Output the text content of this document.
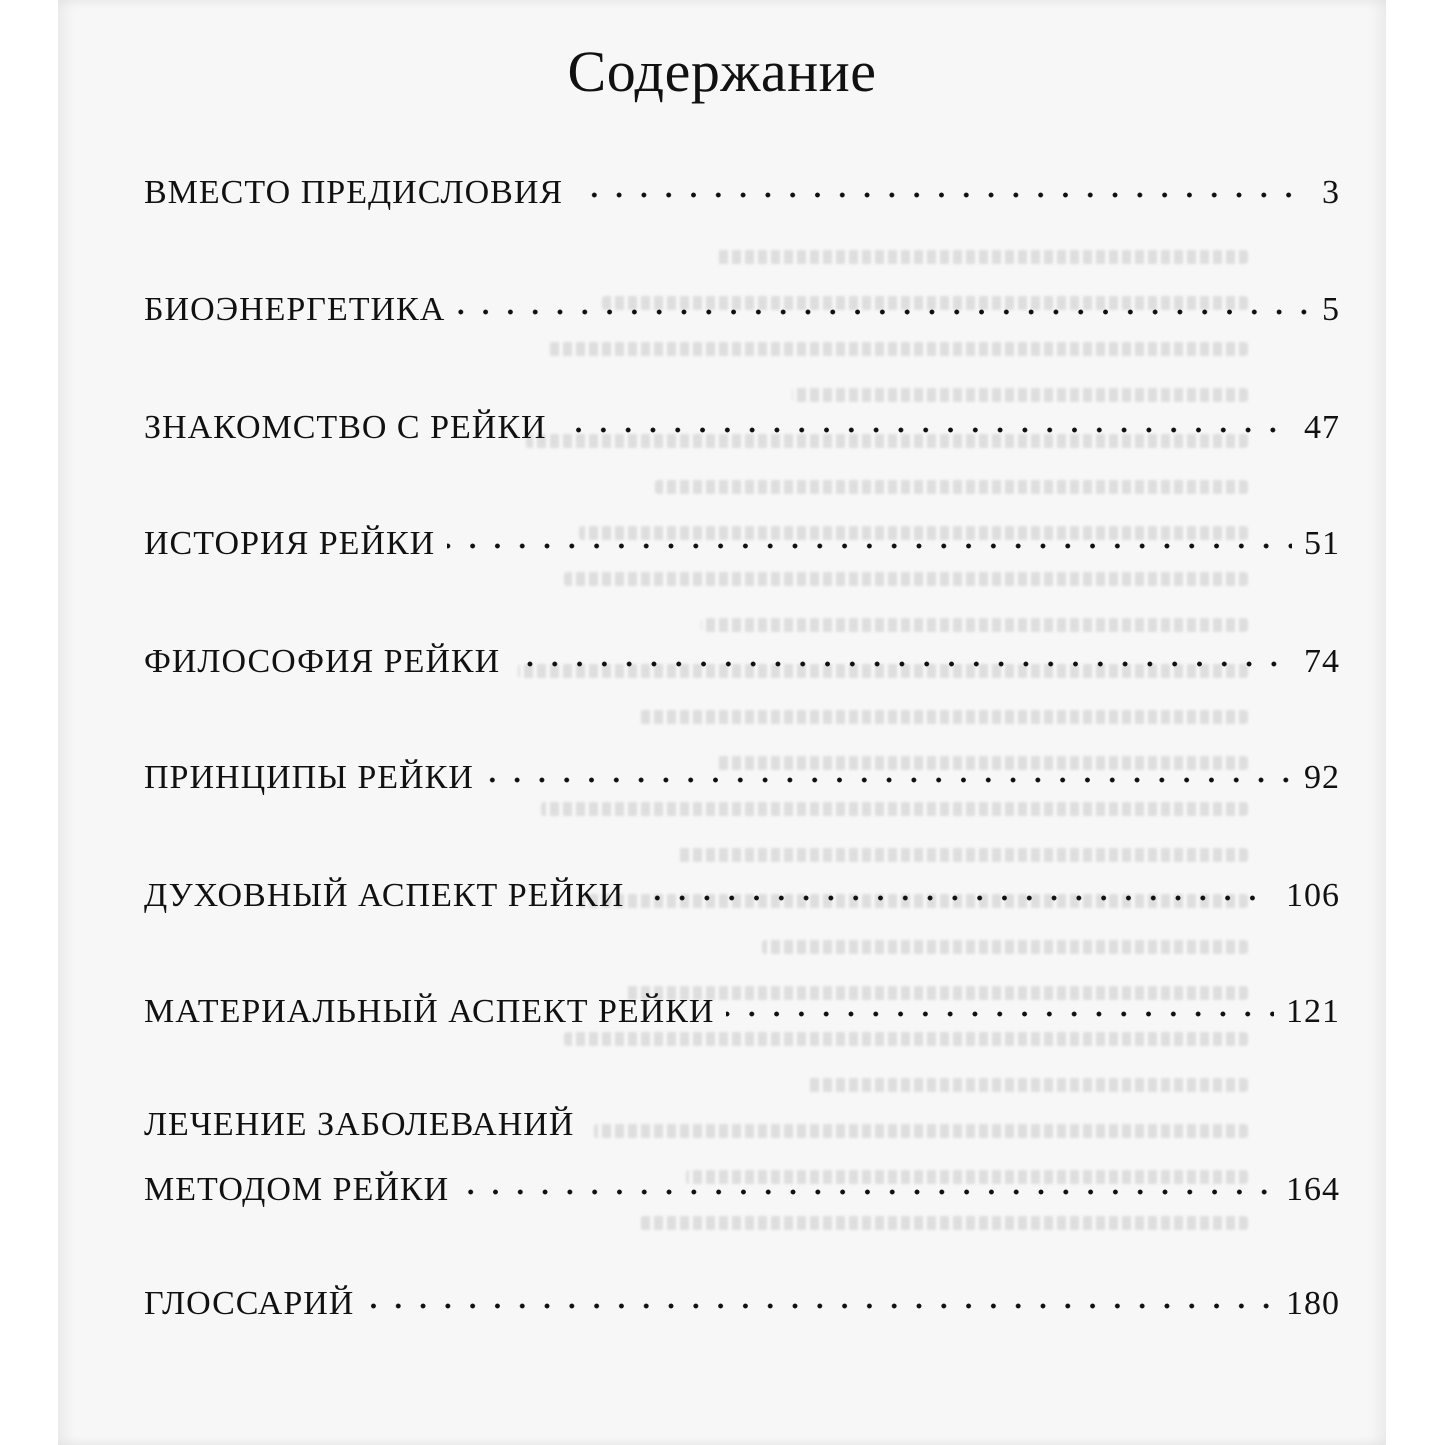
Содержание
ВМЕСТО ПРЕДИСЛОВИЯ	3
БИОЭНЕРГЕТИКА	5
ЗНАКОМСТВО С РЕЙКИ	47
ИСТОРИЯ РЕЙКИ	51
ФИЛОСОФИЯ РЕЙКИ	74
ПРИНЦИПЫ РЕЙКИ	92
ДУХОВНЫЙ АСПЕКТ РЕЙКИ	106
МАТЕРИАЛЬНЫЙ АСПЕКТ РЕЙКИ	121
ЛЕЧЕНИЕ ЗАБОЛЕВАНИЙ
МЕТОДОМ РЕЙКИ	164
ГЛОССАРИЙ	180
